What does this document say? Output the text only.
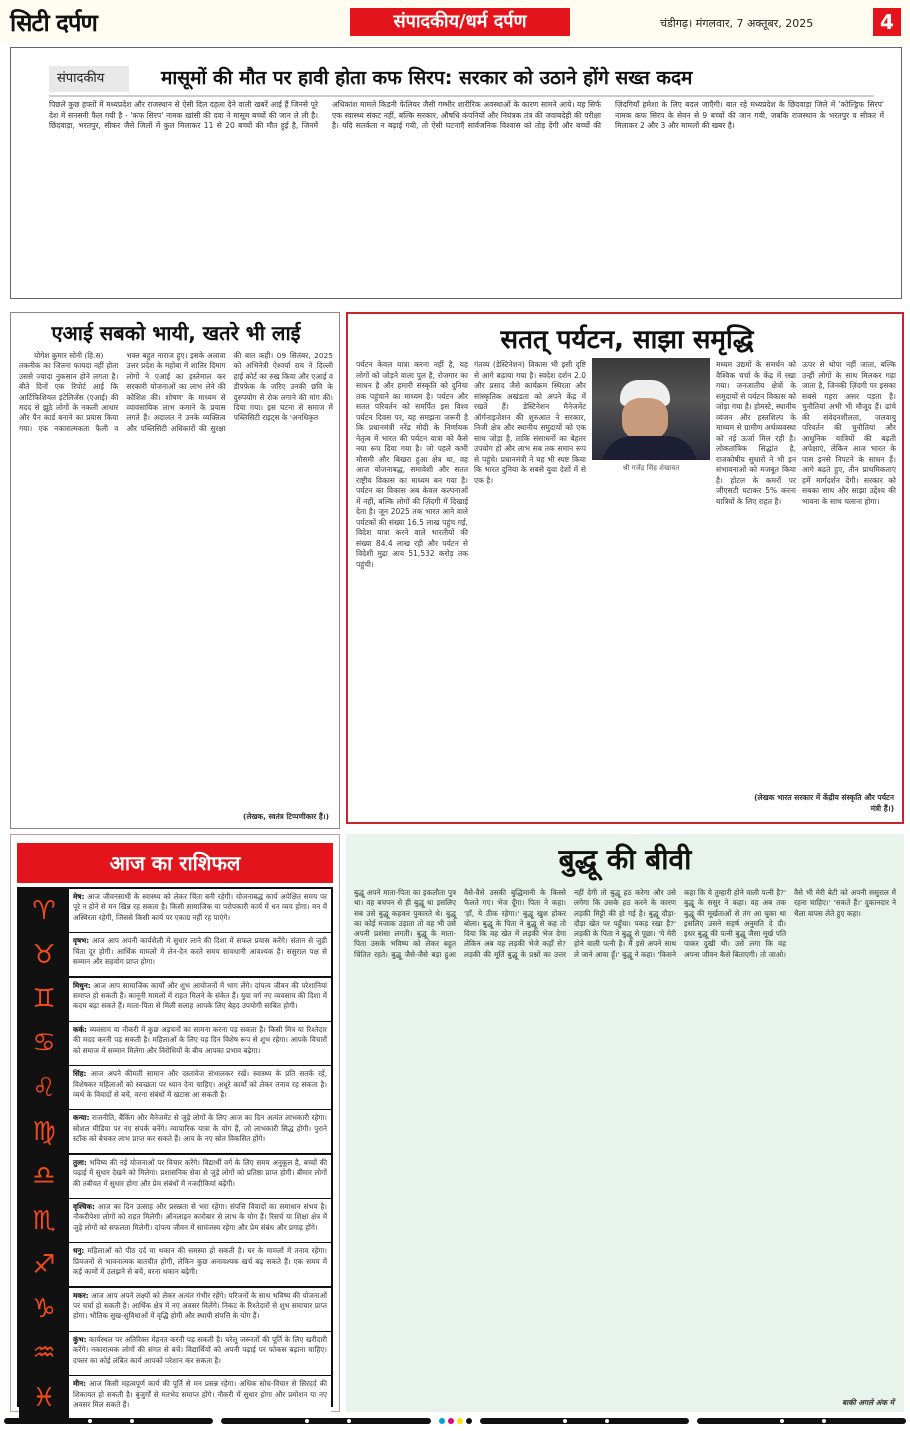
सिटी दर्पण	संपादकीय/धर्म दर्पण	चंडीगढ़। मंगलवार, 7 अक्तूबर, 2025	4
संपादकीय	मासूमों की मौत पर हावी होता कफ सिरप: सरकार को उठाने होंगे सख्त कदम
पिछले कुछ हफ्तों में मध्यप्रदेश और राजस्थान से ऐसी दिल दहला देने वाली खबरें आई हैं जिनसे पूरे देश में सनसनी फैल गयी है - 'कफ सिरप' नामक खांसी की दवा ने मासूम बच्चों की जान ले ली है। छिंदवाड़ा, भरतपुर, सीकर जैसे जिलों में कुल मिलाकर 11 से 20 बच्चों की मौत हुई है, जिनमें अधिकांश मामले किडनी फेलियर जैसी गम्भीर शारीरिक अवस्थाओं के कारण सामने आये। यह सिर्फ एक स्वास्थ्य संकट नहीं, बल्कि सरकार, औषधि कंपनियों और नियंत्रक तंत्र की जवाबदेही की परीक्षा है। यदि सतर्कता न बढ़ाई गयी, तो ऐसी घटनाएँ सार्वजनिक विश्वास को तोड़ देंगी और बच्चों की ज़िंदगियाँ हमेशा के लिए बदल जाएँगी। बात रहे मध्यप्रदेश के छिंदवाड़ा जिले में 'कोल्ड्रिफ सिरप' नामक कफ सिरप के सेवन से 9 बच्चों की जान गयी, जबकि राजस्थान के भरतपुर व सीकर में मिलाकर 2 और 3 और मामलों की खबर है।
एआई सबको भायी, खतरे भी लाई

योगेश कुमार सोनी (हि.स)

तकनीक का जितना फायदा नहीं होता उससे ज्यादा नुकसान होने लगता है। बीते दिनों एक रिपोर्ट आई कि आर्टिफिशियल इंटेलिजेंस (एआई) की मदद से झूठे लोगों के नकली आधार और पैन कार्ड बनाने का प्रयास किया गया। एक नकारात्मकता फैली व भक्त बहुत नाराज हुए। इसके अलावा उत्तर प्रदेश के महोबा में शातिर दिमाग लोगों ने एआई का इस्तेमाल कर सरकारी योजनाओं का लाभ लेने की कोशिश की। शोषण' के माध्यम से व्यावसायिक लाभ कमाने के प्रयास लगते हैं। अदालत ने उनके व्यक्तित्व और पब्लिसिटी अधिकारों की सुरक्षा की बात कही। 09 सितंबर, 2025 को अभिनेत्री ऐश्वर्या राय ने दिल्ली हाई कोर्ट का रुख किया और एआई व डीपफेक के जरिए उनकी छवि के दुरुपयोग से रोक लगाने की मांग की। दिया गया। इस घटना से समाज में पब्लिसिटी राइट्स के 'अनधिकृत

(लेखक, स्वतंत्र टिप्पणीकार हैं।)
सतत् पर्यटन, साझा समृद्धि
पर्यटन केवल यात्रा करना नहीं है, यह लोगों को जोड़ने वाला पुल है, रोजगार का साधन है और हमारी संस्कृति को दुनिया तक पहुंचाने का माध्यम है। पर्यटन और सतत परिवर्तन को समर्पित इस विश्व पर्यटन दिवस पर, यह समझना जरूरी है कि प्रधानमंत्री नरेंद्र मोदी के निर्णायक नेतृत्व में भारत की पर्यटन यात्रा को कैसे नया रूप दिया गया है। जो पहले कभी मौसमी और बिखरा हुआ क्षेत्र था, वह आज योजनाबद्ध, समावेशी और सतत राष्ट्रीय विकास का माध्यम बन गया है। पर्यटन का विकास अब केवल कल्पनाओं में नहीं, बल्कि लोगों की ज़िंदगी में दिखाई देता है। जून 2025 तक भारत आने वाले पर्यटकों की संख्या 16.5 लाख पहुंच गई, विदेश यात्रा करने वाले भारतीयों की संख्या 84.4 लाख रही और पर्यटन से विदेशी मुद्रा आय 51,532 करोड़ तक पहुंची।
गंतव्य (डेस्टिनेशन) विकास भी इसी दृष्टि से आगे बढ़ाया गया है। स्वदेश दर्शन 2.0 और प्रसाद जैसे कार्यक्रम स्थिरता और सांस्कृतिक अखंडता को अपने केंद्र में रखते हैं। डेस्टिनेशन मैनेजमेंट ऑर्गनाइजेशन की शुरुआत ने सरकार, निजी क्षेत्र और स्थानीय समुदायों को एक साथ जोड़ा है, ताकि संसाधनों का बेहतर उपयोग हो और लाभ सब तक समान रूप से पहुंचे। प्रधानमंत्री ने यह भी स्पष्ट किया कि भारत दुनिया के सबसे युवा देशों में से एक है।
श्री गजेंद्र सिंह शेखावत
मध्यम उद्यमों के समर्थन को वैश्विक चर्चा के केंद्र में रखा गया। जनजातीय क्षेत्रों के समुदायों से पर्यटन विकास को जोड़ा गया है। होमस्टे, स्थानीय व्यंजन और हस्तशिल्प के माध्यम से ग्रामीण अर्थव्यवस्था को नई ऊर्जा मिल रही है। लोकतांत्रिक सिद्धांत है, राजकोषीय सुधारों ने भी इन संभावनाओं को मजबूत किया है। होटल के कमरों पर जीएसटी घटाकर 5% करना यात्रियों के लिए राहत है।
ऊपर से थोपा नहीं जाता, बल्कि उन्हीं लोगों के साथ मिलकर गढ़ा जाता है, जिनकी ज़िंदगी पर इसका सबसे गहरा असर पड़ता है। चुनौतियां अभी भी मौजूद हैं। ढांचे की संवेदनशीलता, जलवायु परिवर्तन की चुनौतियां और आधुनिक यात्रियों की बढ़ती अपेक्षाएं, लेकिन आज भारत के पास इनसे निपटने के साधन हैं। आगे बढ़ते हुए, तीन प्राथमिकताएं हमें मार्गदर्शन देंगी। सरकार को सबका साथ और साझा उद्देश्य की भावना के साथ चलाना होगा।
(लेखक भारत सरकार में केंद्रीय संस्कृति और पर्यटन मंत्री हैं।)
आज का राशिफल
♈	मेष: आज जीवनसाथी के स्वास्थ्य को लेकर चिंता बनी रहेगी। योजनाबद्ध कार्य अपेक्षित समय पर पूरे न होने से मन खिन्न रह सकता है। किसी सामाजिक या परोपकारी कार्य में धन व्यय होगा। मन में अस्थिरता रहेगी, जिससे किसी कार्य पर एकाग्र नहीं रह पाएंगे।
♉	वृषभ: आज आप अपनी कार्यशैली में सुधार लाने की दिशा में सफल प्रयास करेंगे। संतान से जुड़ी चिंता दूर होगी। आर्थिक मामलों में लेन-देन करते समय सावधानी आवश्यक है। ससुराल पक्ष से सम्मान और सहयोग प्राप्त होगा।
♊	मिथुन: आज आप सामाजिक कार्यों और शुभ आयोजनों में भाग लेंगे। दांपत्य जीवन की परेशानियां समाप्त हो सकती हैं। कानूनी मामलों में राहत मिलने के संकेत हैं। युवा वर्ग नए व्यवसाय की दिशा में कदम बढ़ा सकते हैं। माता-पिता से मिली सलाह आपके लिए बेहद उपयोगी साबित होगी।
♋	कर्क: व्यवसाय या नौकरी में कुछ अड़चनों का सामना करना पड़ सकता है। किसी मित्र या रिश्तेदार की मदद करनी पड़ सकती है। महिलाओं के लिए यह दिन विशेष रूप से शुभ रहेगा। आपके विचारों को समाज में सम्मान मिलेगा और विरोधियों के बीच आपका प्रभाव बढ़ेगा।
♌	सिंह: आज अपने कीमती सामान और दस्तावेज संभालकर रखें। स्वास्थ्य के प्रति सतर्क रहें, विशेषकर महिलाओं को स्वच्छता पर ध्यान देना चाहिए। अधूरे कार्यों को लेकर तनाव रह सकता है। व्यर्थ के विवादों से बचें, वरना संबंधों में खटास आ सकती है।
♍	कन्या: राजनीति, बैंकिंग और मैनेजमेंट से जुड़े लोगों के लिए आज का दिन अत्यंत लाभकारी रहेगा। सोशल मीडिया पर नए संपर्क बनेंगे। व्यापारिक यात्रा के योग हैं, जो लाभकारी सिद्ध होगी। पुराने स्टॉक को बेचकर लाभ प्राप्त कर सकते हैं। आय के नए स्रोत विकसित होंगे।
♎	तुला: भविष्य की नई योजनाओं पर विचार करेंगे। विद्यार्थी वर्ग के लिए समय अनुकूल है, बच्चों की पढ़ाई में सुधार देखने को मिलेगा। प्रशासनिक सेवा से जुड़े लोगों को प्रतिष्ठा प्राप्त होगी। बीमार लोगों की तबीयत में सुधार होगा और प्रेम संबंधों में नजदीकियां बढ़ेंगी।
♏	वृश्चिक: आज का दिन उत्साह और प्रसन्नता से भरा रहेगा। संपत्ति विवादों का समाधान संभव है। नौकरीपेशा लोगों को राहत मिलेगी। ऑनलाइन कारोबार से लाभ के योग हैं। रिसर्च या शिक्षा क्षेत्र में जुड़े लोगों को सफलता मिलेगी। दांपत्य जीवन में सामंजस्य रहेगा और प्रेम संबंध और प्रगाढ़ होंगे।
♐	धनु: महिलाओं को पीठ दर्द या थकान की समस्या हो सकती है। घर के मामलों में तनाव रहेगा। प्रियजनों से भावनात्मक बातचीत होगी, लेकिन कुछ अनावश्यक खर्च बढ़ सकते हैं। एक समय में कई कामों में उलझने से बचें, वरना थकान बढ़ेगी।
♑	मकर: आज आप अपने लक्ष्यों को लेकर अत्यंत गंभीर रहेंगे। परिजनों के साथ भविष्य की योजनाओं पर चर्चा हो सकती है। आर्थिक क्षेत्र में नए अवसर मिलेंगे। निकट के रिश्तेदारों से शुभ समाचार प्राप्त होगा। भौतिक सुख-सुविधाओं में वृद्धि होगी और स्थायी संपत्ति के योग हैं।
♒	कुंभ: कार्यस्थल पर अतिरिक्त मेहनत करनी पड़ सकती है। घरेलू जरूरतों की पूर्ति के लिए खरीदारी करेंगे। नकारात्मक लोगों की संगत से बचें। विद्यार्थियों को अपनी पढ़ाई पर फोकस बढ़ाना चाहिए। दफ्तर का कोई लंबित कार्य आपको परेशान कर सकता है।
♓	मीन: आज किसी महत्वपूर्ण कार्य की पूर्ति से मन प्रसन्न रहेगा। अधिक सोच-विचार से सिरदर्द की शिकायत हो सकती है। बुजुर्गों से मतभेद समाप्त होंगे। नौकरी में सुधार होगा और प्रमोशन या नए अवसर मिल सकते हैं।
बुद्धू की बीवी
बुद्धू अपने माता-पिता का इकलौता पुत्र था। वह बचपन से ही बुद्धू था इसलिए सब उसे बुद्धू कहकर पुकारते थे। बुद्धू का कोई मजाक उड़ाता तो वह भी उसे अपनी प्रशंसा लगती। बुद्धू के माता-पिता उसके भविष्य को लेकर बहुत चिंतित रहते। बुद्धू जैसे-जैसे बड़ा हुआ वैसे-वैसे उसकी बुद्धिमानी के किस्से फैलते गए। भेज दूँगा। पिता ने कहा। 'हाँ, ये ठीक रहेगा।' बुद्धू खुश होकर बोला। बुद्धू के पिता ने बुद्धू से कह तो दिया कि वह खेत में लड़की भेज देगा लेकिन अब वह लड़की भेजे कहाँ से? लड़की की मूर्ति बुद्धू के प्रश्नों का उत्तर नहीं देगी तो बुद्धू हठ करेगा और उसे लगेगा कि उसके हठ करने के कारण लड़की मिट्टी की हो गई है। बुद्धू दौड़ा-दौड़ा खेत पर पहुँचा। पकड़ रखा है?' लड़की के पिता ने बुद्धू से पूछा। 'ये मेरी होने वाली पत्नी है। मैं इसे अपने साथ ले जाने आया हूँ।' बुद्धू ने कहा। 'किसने कहा कि ये तुम्हारी होने वाली पत्नी है?' बुद्धू के ससुर ने कहा। वह अब तक बुद्धू की मूर्खताओं से तंग आ चुका था इसलिए उसने सहर्ष अनुमति दे दी। इधर बुद्धू की पत्नी बुद्धू जैसा मूर्ख पति पाकर दुखी थी। उसे लगा कि वह अपना जीवन कैसे बिताएगी। तो जाओ। वैसे भी मेरी बेटी को अपनी ससुराल में रहना चाहिए।' 'सकते हैं।' दुकानदार ने थैला वापस लेते हुए कहा।
बाकी अगले अंक में
